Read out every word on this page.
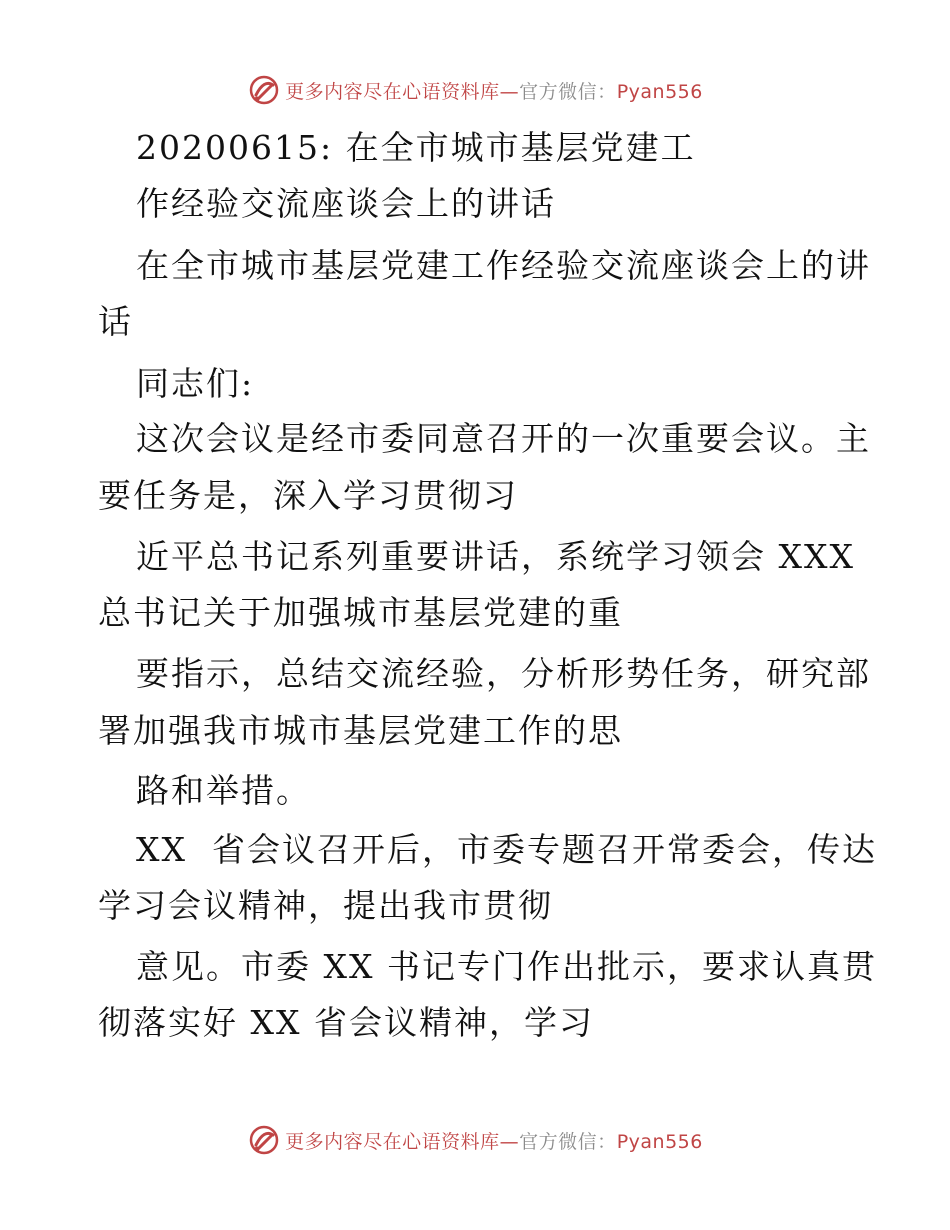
更多内容尽在心语资料库—官方微信：Pyan556
20200615: 在全市城市基层党建工
作经验交流座谈会上的讲话
在全市城市基层党建工作经验交流座谈会上的讲
话
同志们:
这次会议是经市委同意召开的一次重要会议。主
要任务是，深入学习贯彻习
近平总书记系列重要讲话，系统学习领会 XXX
总书记关于加强城市基层党建的重
要指示，总结交流经验，分析形势任务，研究部
署加强我市城市基层党建工作的思
路和举措。
XX  省会议召开后，市委专题召开常委会，传达
学习会议精神，提出我市贯彻
意见。市委 XX 书记专门作出批示，要求认真贯
彻落实好 XX 省会议精神，学习
更多内容尽在心语资料库—官方微信：Pyan556
